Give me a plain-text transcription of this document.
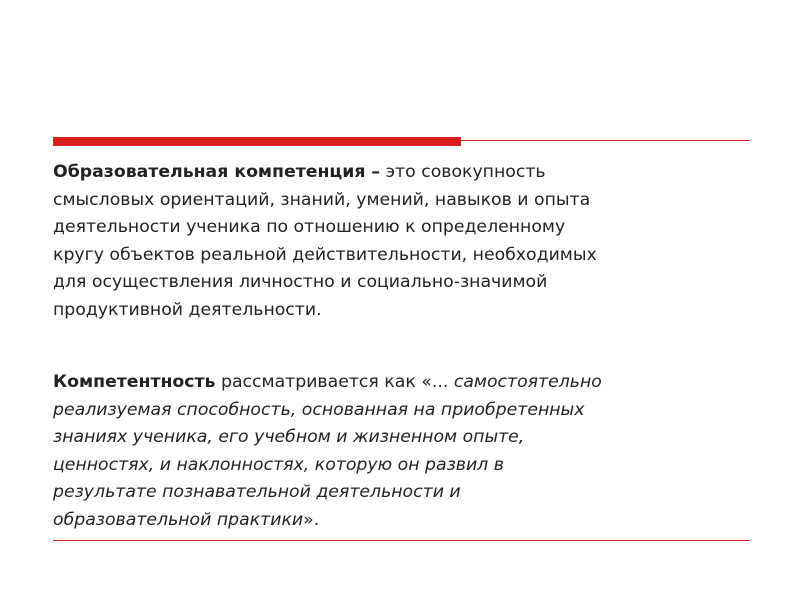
Образовательная компетенция – это совокупность
смысловых ориентаций, знаний, умений, навыков и опыта
деятельности ученика по отношению к определенному
кругу объектов реальной действительности, необходимых
для осуществления личностно и социально-значимой
продуктивной деятельности.

Компетентность рассматривается как «... самостоятельно
реализуемая способность, основанная на приобретенных
знаниях ученика, его учебном и жизненном опыте,
ценностях, и наклонностях, которую он развил в
результате познавательной деятельности и
образовательной практики».
